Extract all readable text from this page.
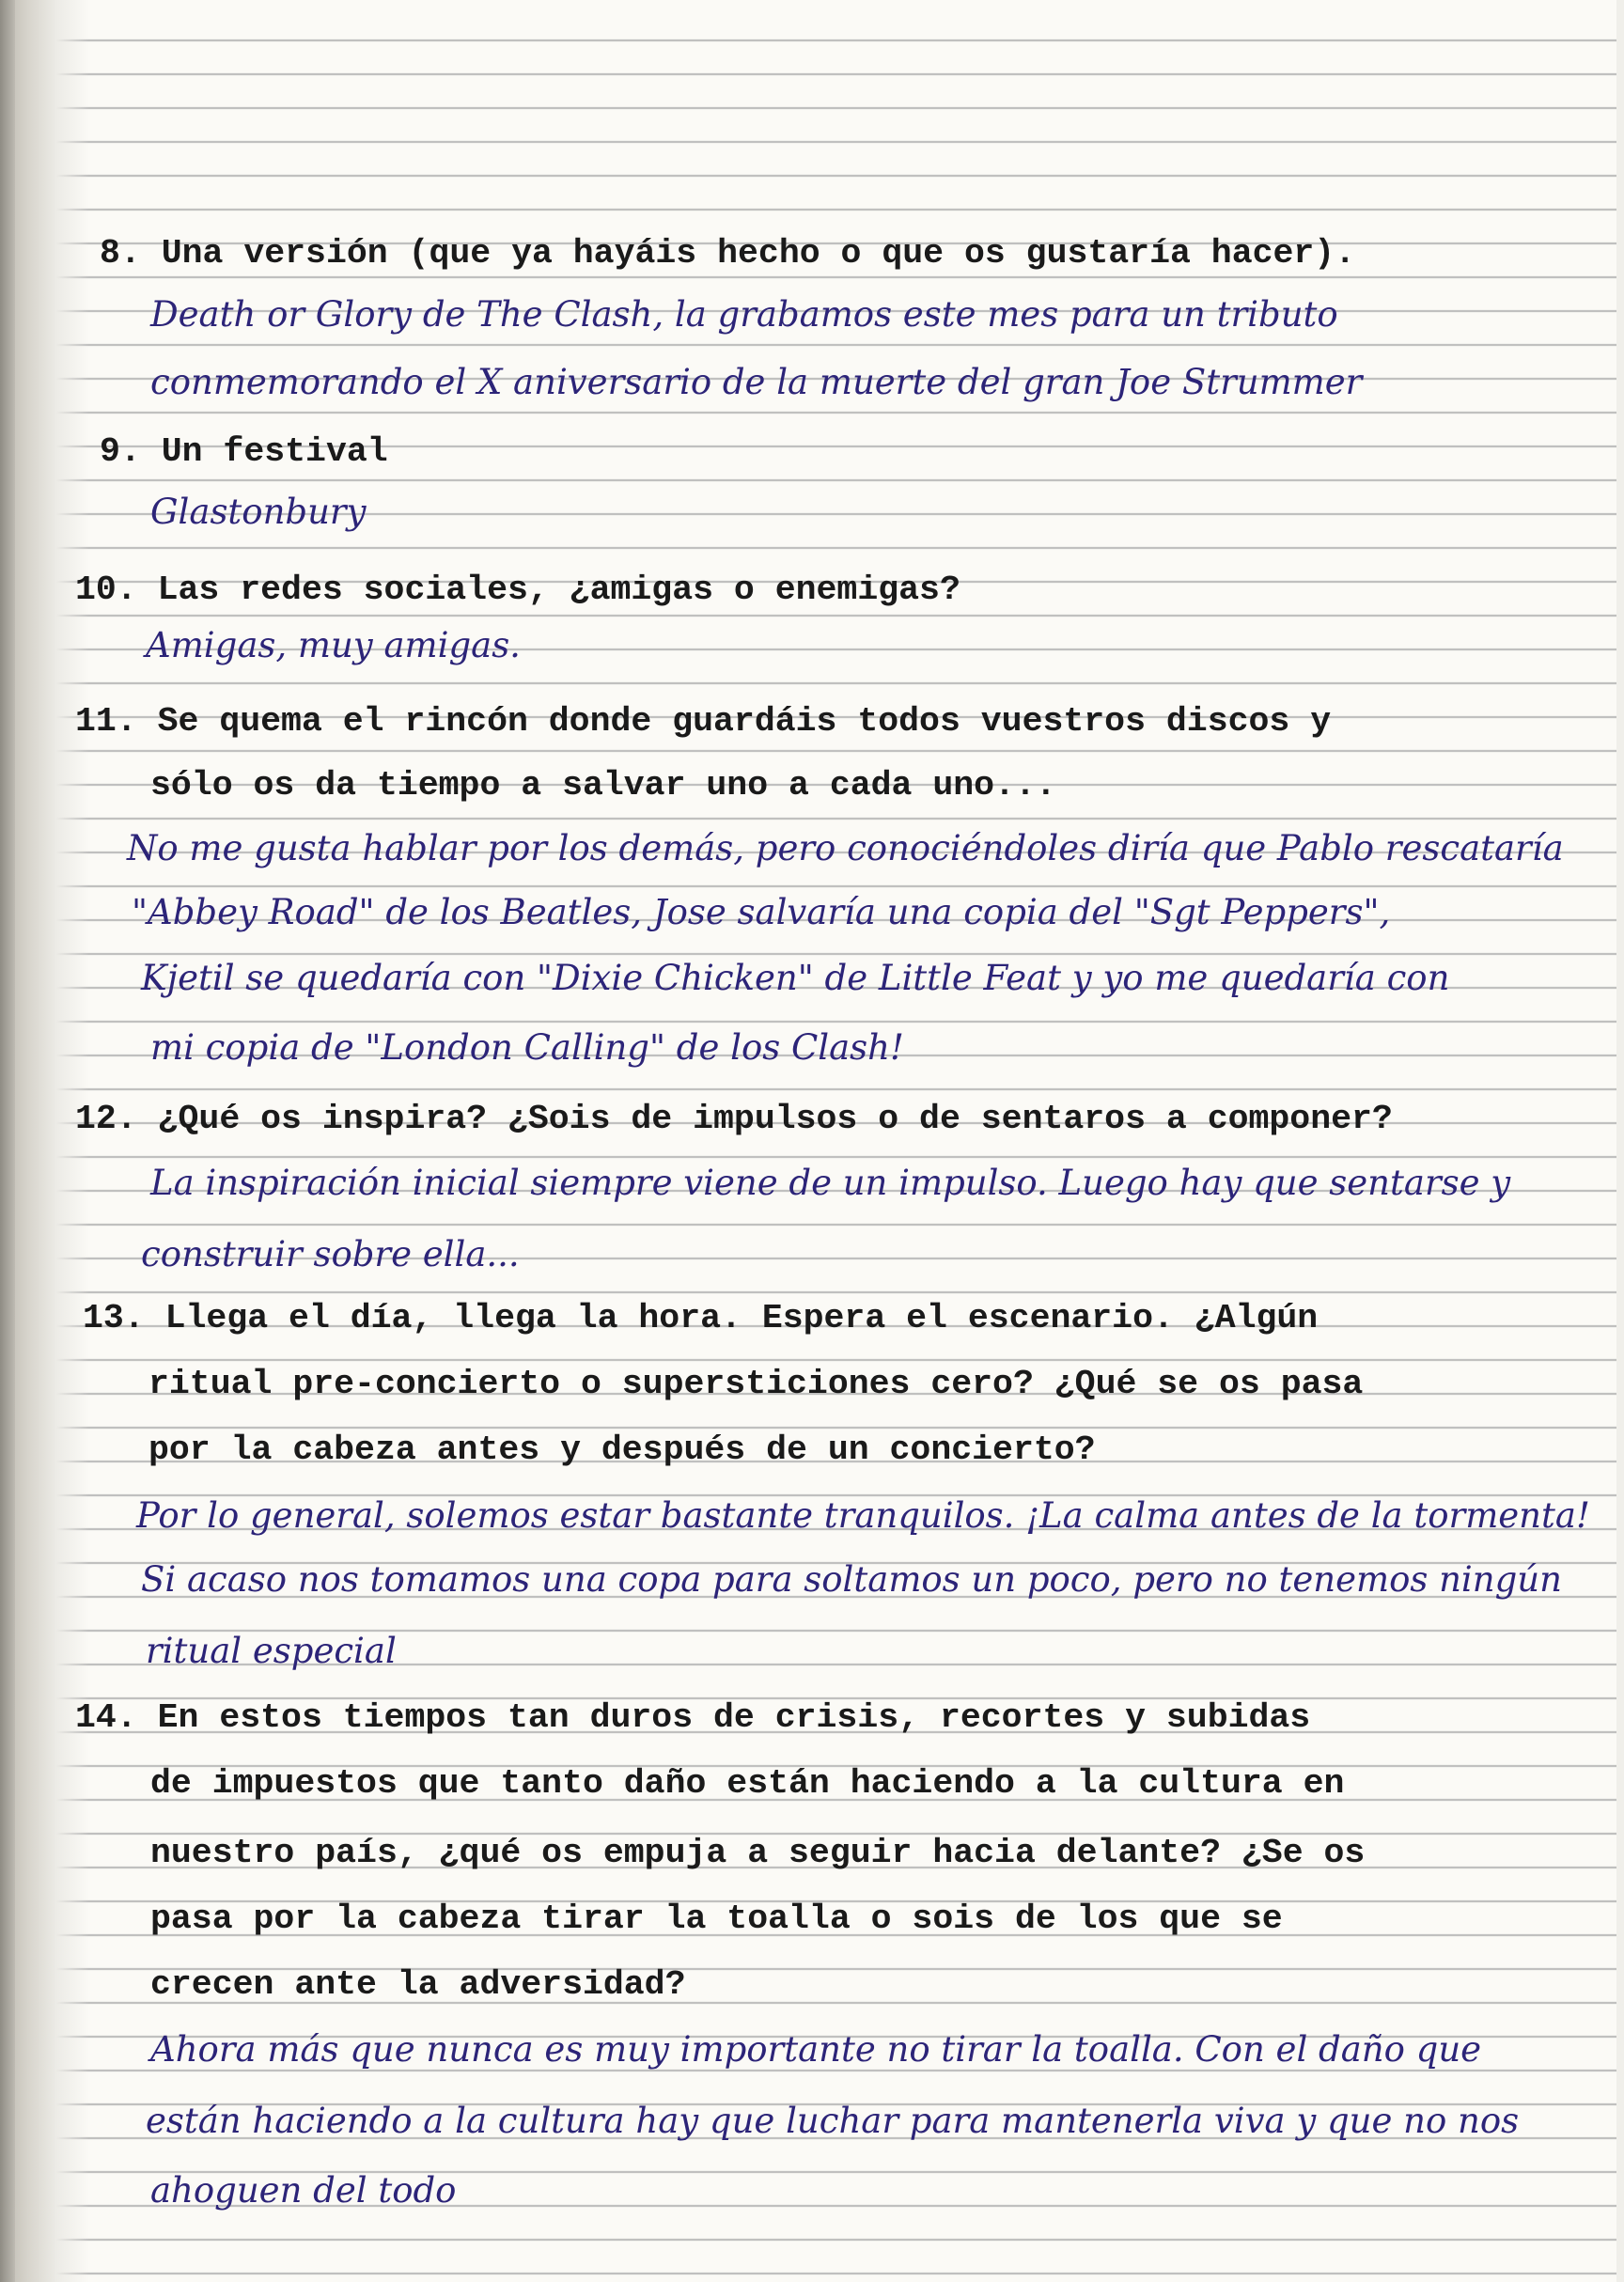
8. Una versión (que ya hayáis hecho o que os gustaría hacer).

Death or Glory de The Clash, la grabamos este mes para un tributo

conmemorando el X aniversario de la muerte del gran Joe Strummer

9. Un festival

Glastonbury

10. Las redes sociales, ¿amigas o enemigas?

Amigas, muy amigas.

11. Se quema el rincón donde guardáis todos vuestros discos y

sólo os da tiempo a salvar uno a cada uno...

No me gusta hablar por los demás, pero conociéndoles diría que Pablo rescataría

"Abbey Road" de los Beatles, Jose salvaría una copia del "Sgt Peppers",

Kjetil se quedaría con "Dixie Chicken" de Little Feat y yo me quedaría con

mi copia de "London Calling" de los Clash!

12. ¿Qué os inspira? ¿Sois de impulsos o de sentaros a componer?

La inspiración inicial siempre viene de un impulso. Luego hay que sentarse y

construir sobre ella...

13. Llega el día, llega la hora. Espera el escenario. ¿Algún

ritual pre-concierto o supersticiones cero? ¿Qué se os pasa

por la cabeza antes y después de un concierto?

Por lo general, solemos estar bastante tranquilos. ¡La calma antes de la tormenta!

Si acaso nos tomamos una copa para soltamos un poco, pero no tenemos ningún

ritual especial

14. En estos tiempos tan duros de crisis, recortes y subidas

de impuestos que tanto daño están haciendo a la cultura en

nuestro país, ¿qué os empuja a seguir hacia delante? ¿Se os

pasa por la cabeza tirar la toalla o sois de los que se

crecen ante la adversidad?

Ahora más que nunca es muy importante no tirar la toalla. Con el daño que

están haciendo a la cultura hay que luchar para mantenerla viva y que no nos

ahoguen del todo
